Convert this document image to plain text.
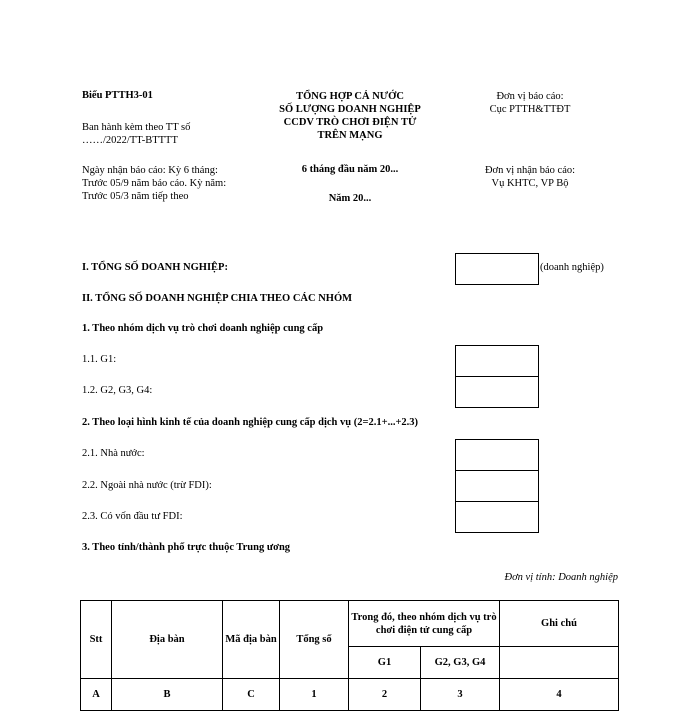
Biểu PTTH3-01
Ban hành kèm theo TT số
……/2022/TT-BTTTT
Ngày nhận báo cáo: Kỳ 6 tháng:
Trước 05/9 năm báo cáo. Kỳ năm:
Trước 05/3 năm tiếp theo
TỔNG HỢP CẢ NƯỚC
SỐ LƯỢNG DOANH NGHIỆP
CCDV TRÒ CHƠI ĐIỆN TỬ
TRÊN MẠNG
6 tháng đầu năm 20...
Năm 20...
Đơn vị báo cáo:
Cục PTTH&TTĐT
Đơn vị nhận báo cáo:
Vụ KHTC, VP Bộ
I. TỔNG SỐ DOANH NGHIỆP:	(doanh nghiệp)
II. TỔNG SỐ DOANH NGHIỆP CHIA THEO CÁC NHÓM
1. Theo nhóm dịch vụ trò chơi doanh nghiệp cung cấp
1.1. G1:
1.2. G2, G3, G4:
2. Theo loại hình kinh tế của doanh nghiệp cung cấp dịch vụ (2=2.1+...+2.3)
2.1. Nhà nước:
2.2. Ngoài nhà nước (trừ FDI):
2.3. Có vốn đầu tư FDI:
3. Theo tỉnh/thành phố trực thuộc Trung ương
Đơn vị tính: Doanh nghiệp
Stt	Địa bàn	Mã địa bàn	Tổng số	Trong đó, theo nhóm dịch vụ trò chơi điện tử cung cấp		Ghi chú
				G1	G2, G3, G4	
A	B	C	1	2	3	4
